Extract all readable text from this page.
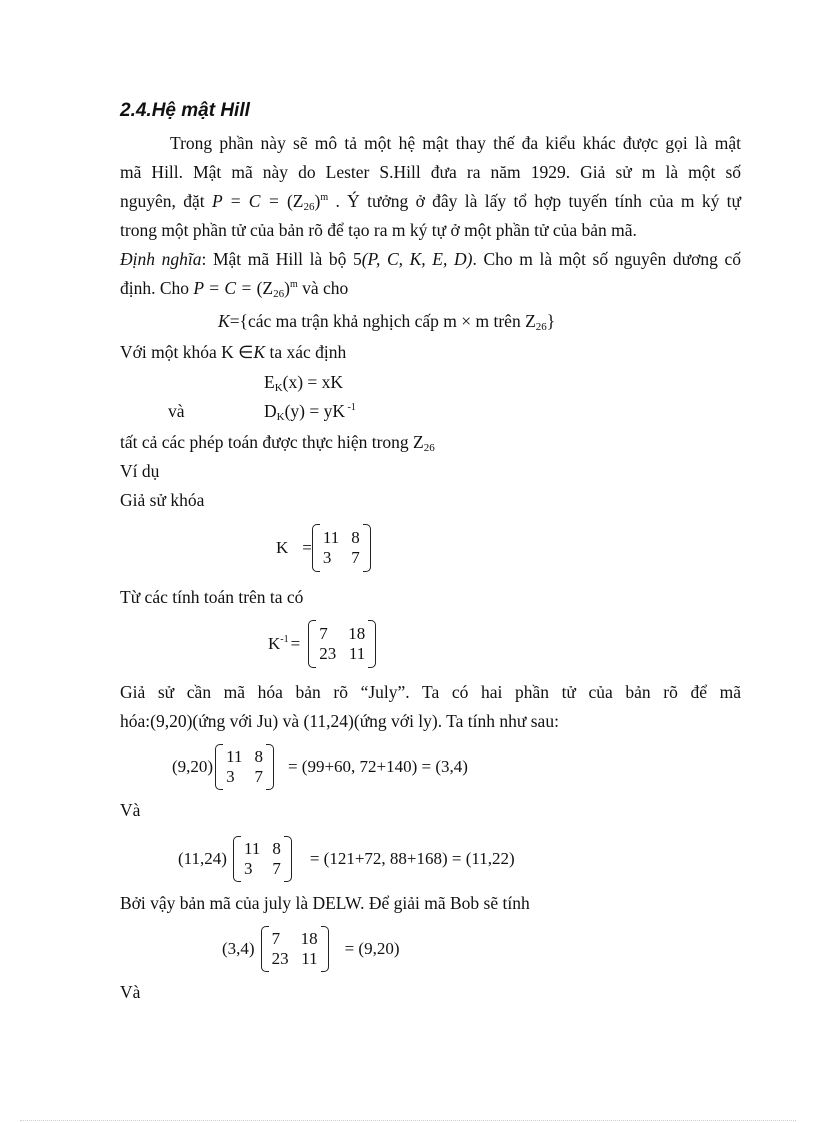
2.4.Hệ mật Hill
Trong phần này sẽ mô tả một hệ mật thay thế đa kiểu khác được gọi là mật
mã Hill. Mật mã này do Lester S.Hill đưa ra năm 1929. Giả sử m là một số
nguyên, đặt $P = C = (Z_{26})^m$ . Ý tưởng ở đây là lấy tổ hợp tuyến tính của m ký tự
trong một phần tử của bản rõ để tạo ra m ký tự ở một phần tử của bản mã.
Định nghĩa: Mật mã Hill là bộ 5(P, C, K, E, D). Cho m là một số nguyên dương cố
định. Cho $P = C = (Z_{26})^m$ và cho
K={các ma trận khả nghịch cấp m × m trên $Z_{26}$}
Với một khóa K ∈K ta xác định
$E_K(x)$ = xK
và	$D_K(y)$ = yK $^{-1}$
tất cả các phép toán được thực hiện trong $Z_{26}$
Ví dụ
Giả sử khóa
K =
11 8
3	7
Từ các tính toán trên ta có
$K^{-1}$ =
7	18
23 11
Giả sử cần mã hóa bản rõ “July”. Ta có hai phần tử của bản rõ để mã
hóa:(9,20)(ứng với Ju) và (11,24)(ứng với ly). Ta tính như sau:
(9,20)
11 8
3	7
= (99+60, 72+140) = (3,4)
Và
(11,24)
11 8
3	7
= (121+72, 88+168) = (11,22)
Bởi vậy bản mã của july là DELW. Để giải mã Bob sẽ tính
(3,4)
7	18
23 11
= (9,20)
Và
